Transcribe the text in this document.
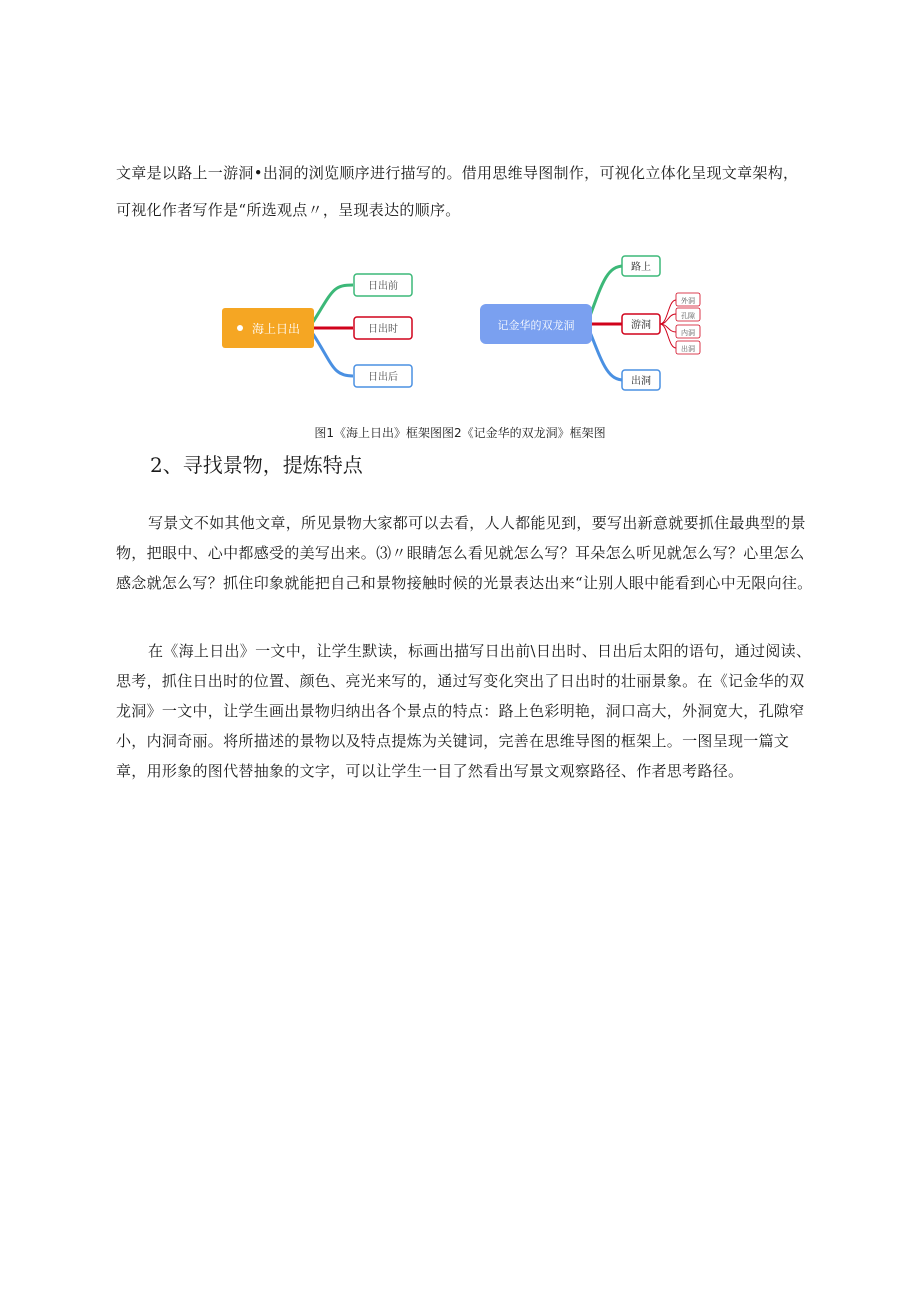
文章是以路上一游洞•出洞的浏览顺序进行描写的。借用思维导图制作，可视化立体化呈现文章架构，

可视化作者写作是“所选观点〃，呈现表达的顺序。

海上日出
日出前
日出时
日出后
记金华的双龙洞
路上
游洞
出洞
外洞
孔隙
内洞
出洞
图1《海上日出》框架图图2《记金华的双龙洞》框架图
2、寻找景物，提炼特点

写景文不如其他文章，所见景物大家都可以去看，人人都能见到，要写出新意就要抓住最典型的景物，把眼中、心中都感受的美写出来。⑶〃眼睛怎么看见就怎么写？耳朵怎么听见就怎么写？心里怎么感念就怎么写？抓住印象就能把自己和景物接触时候的光景表达出来“让别人眼中能看到心中无限向往。

在《海上日出》一文中，让学生默读，标画出描写日出前\日出时、日出后太阳的语句，通过阅读、思考，抓住日出时的位置、颜色、亮光来写的，通过写变化突出了日出时的壮丽景象。在《记金华的双龙洞》一文中，让学生画出景物归纳出各个景点的特点：路上色彩明艳，洞口高大，外洞宽大，孔隙窄小，内洞奇丽。将所描述的景物以及特点提炼为关键词，完善在思维导图的框架上。一图呈现一篇文章，用形象的图代替抽象的文字，可以让学生一目了然看出写景文观察路径、作者思考路径。
